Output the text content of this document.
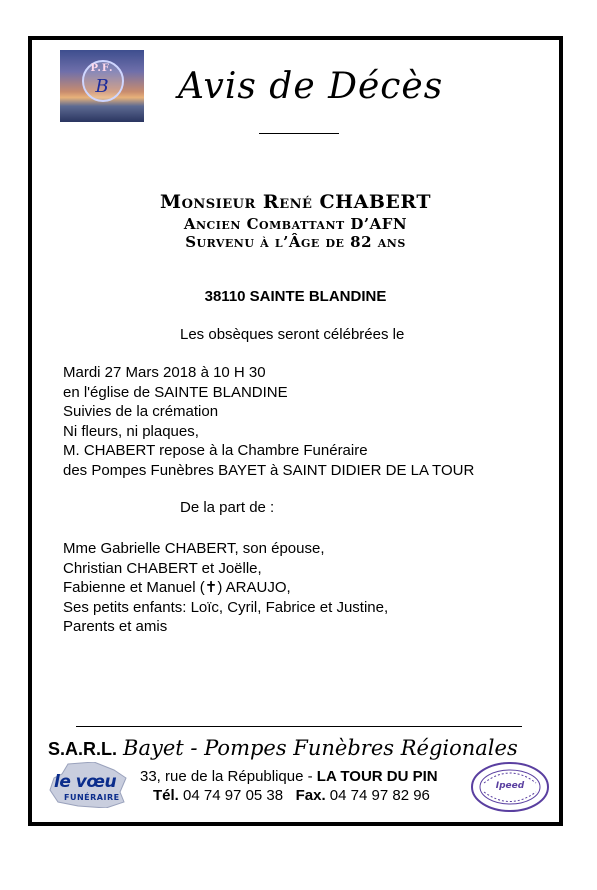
P.F.
B	Avis de Décès
Monsieur René CHABERT
Ancien Combattant D’AFN
Survenu à l’Âge de 82 ans
38110 SAINTE BLANDINE
Les obsèques seront célébrées le
Mardi 27 Mars 2018 à 10 H 30
en l'église de SAINTE BLANDINE
Suivies de la crémation
Ni fleurs, ni plaques,
M. CHABERT repose à la Chambre Funéraire
des Pompes Funèbres BAYET à SAINT DIDIER DE LA TOUR
De la part de :
Mme Gabrielle CHABERT, son épouse,
Christian CHABERT et Joëlle,
Fabienne et Manuel (✝) ARAUJO,
Ses petits enfants: Loïc, Cyril, Fabrice et Justine,
Parents et amis
S.A.R.L. Bayet - Pompes Funèbres Régionales
33, rue de la République - LA TOUR DU PIN
Tél. 04 74 97 05 38 Fax. 04 74 97 82 96
le vœu
FUNÉRAIRE
Ipeed
